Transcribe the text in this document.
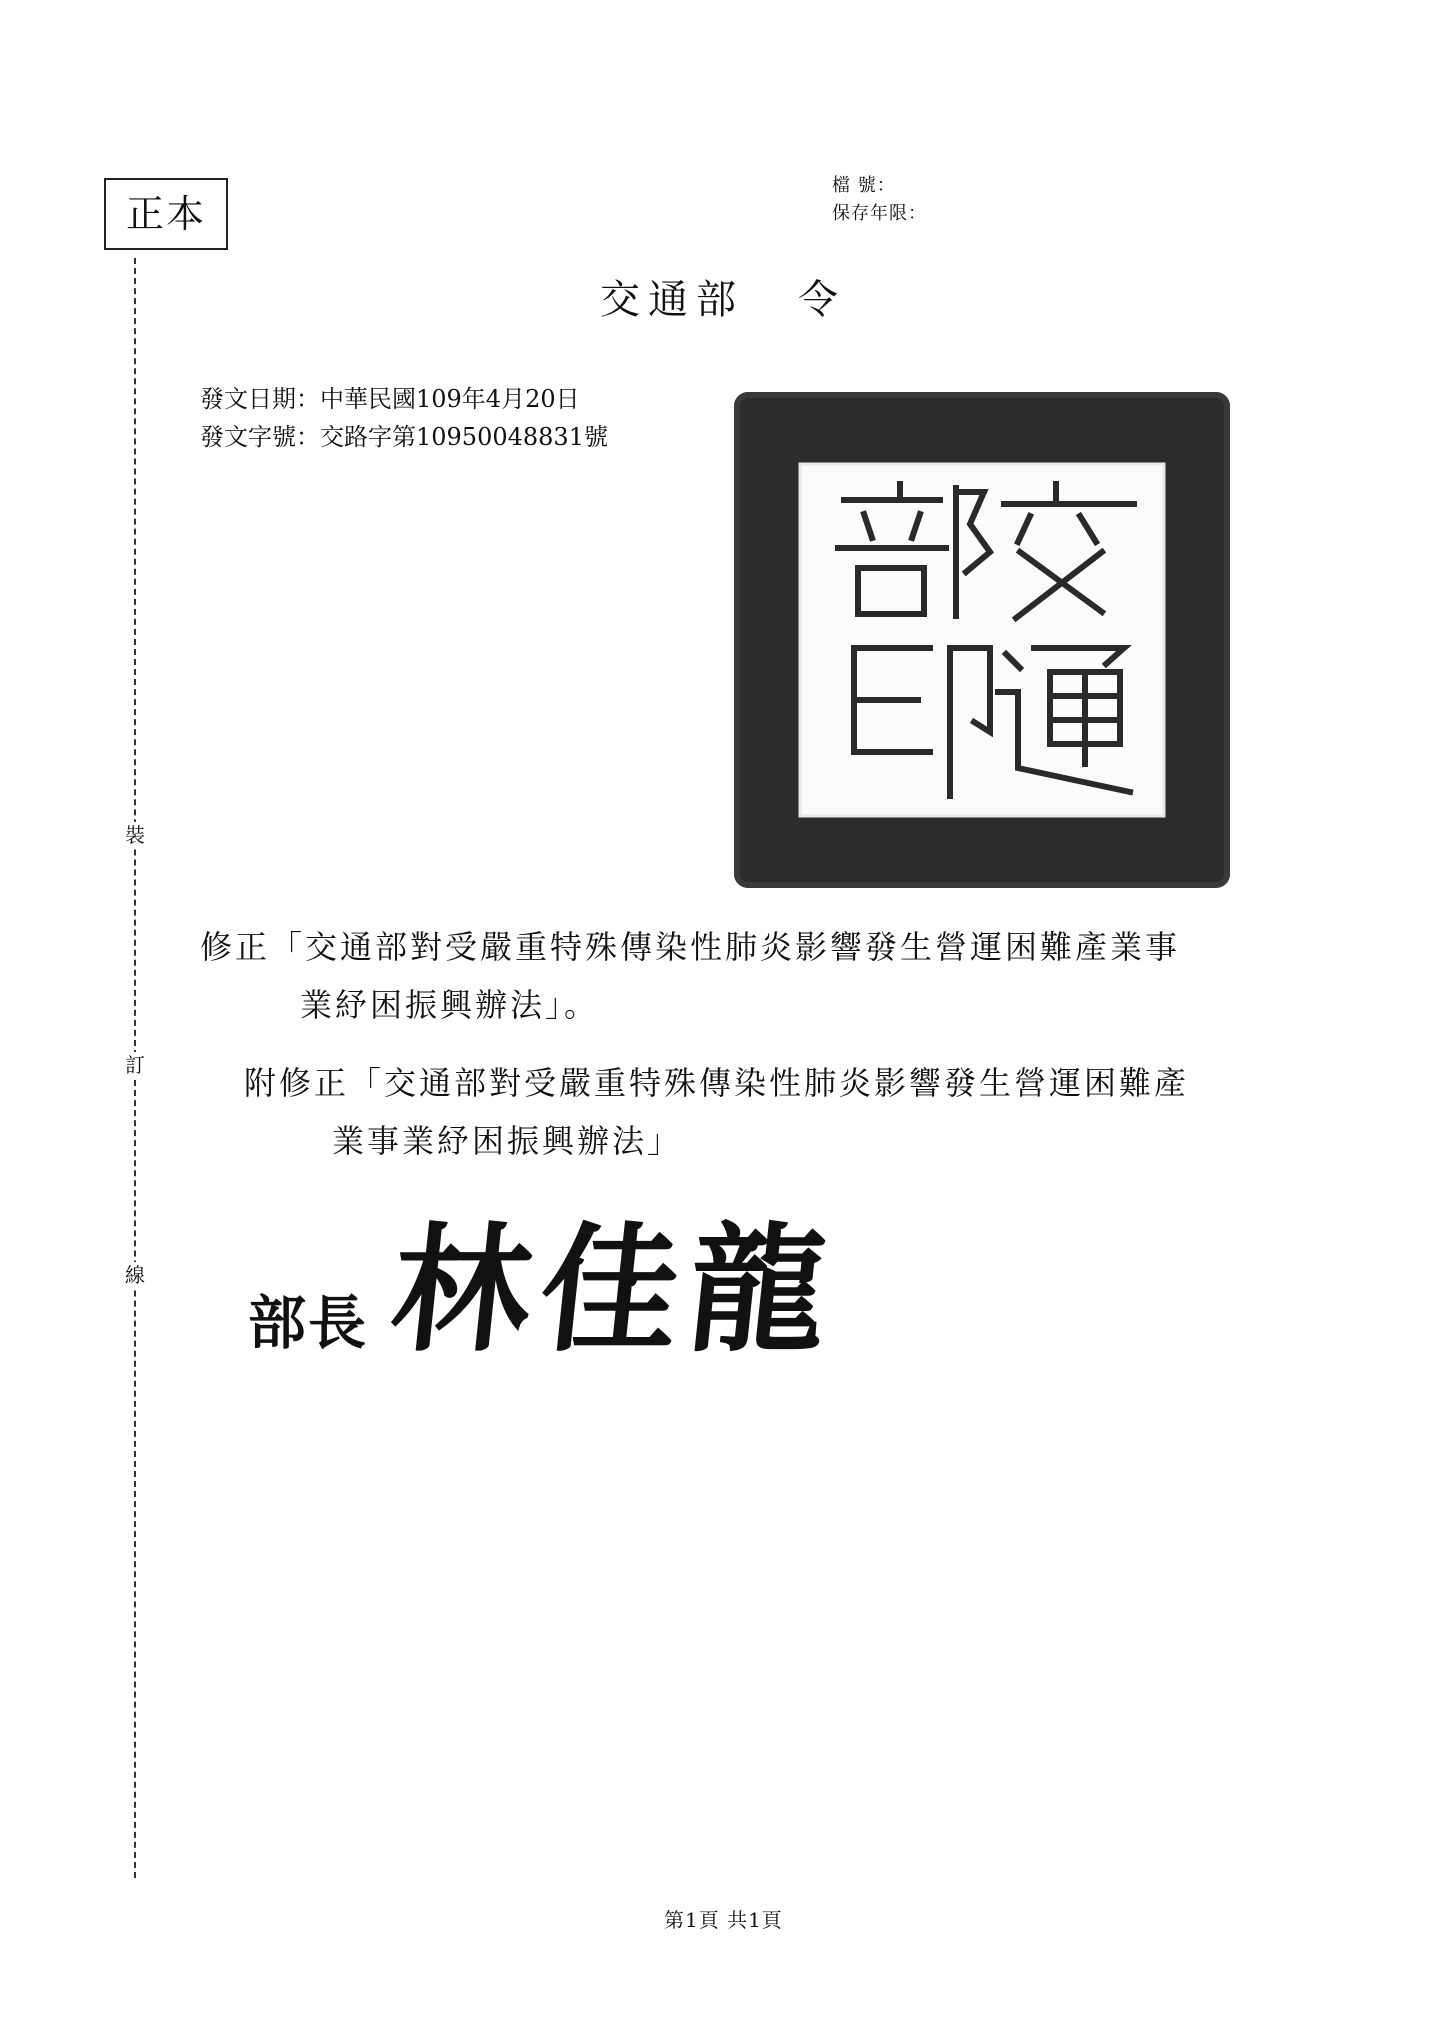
正本
裝
訂
線
檔 號：
保存年限：
交通部 令
發文日期：中華民國109年4月20日
發文字號：交路字第10950048831號

修正「交通部對受嚴重特殊傳染性肺炎影響發生營運困難產業事
業紓困振興辦法」。

附修正「交通部對受嚴重特殊傳染性肺炎影響發生營運困難產
業事業紓困振興辦法」

部長 林佳龍
第1頁 共1頁
